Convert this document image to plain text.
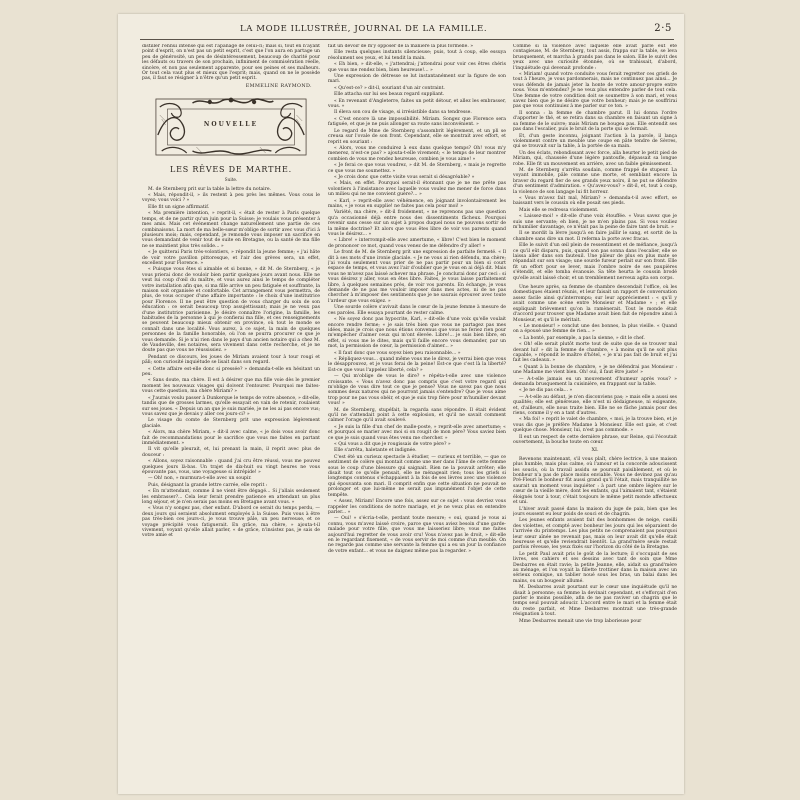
LA MODE ILLUSTRÉE, JOURNAL DE LA FAMILLE.	2·5

distiller l'ennui intense qui est l'apanage de celui-ci; mais si, tout en n'ayant point d'esprit, on n'est pas un petit esprit, c'est que l'on aura en partage un peu de générosité, un peu de désintéressement, beaucoup de charité pour les défauts ou travers de son prochain, infiniment de commisération réelle, sincère, et non pas seulement apparente, pour ses peines et ses malheurs. Or tout cela vaut plus et mieux que l'esprit; mais, quand on ne le possède pas, il faut se résigner à n'être qu'un petit esprit.

EMMELINE RAYMOND.
NOUVELLE
LES RÊVES DE MARTHE.
Suite.

M. de Sternberg prit sur la table la lettre du notaire.

« Mais, répondit-il, » ils restent à peu près les mêmes. Vous cous le voyez; vous voici ? »

Elle fit un signe affirmatif.

« Ma première intention, » reprit-il, « était de rester à Paris quelque temps, et de ne partir qu'un juin pour la Suisse; je voulais vous présenter à mes amis. Mais cet événement change naturellement une partie de ces combinaisons. La mort de ma belle-sœur m'oblige de sortir avec vous d'ici à plusieurs mois; mais, cependant, je remonde vous imposer un sacrifice en vous demandant de venir tout de suite en Bretagne, ou la santé de ma fille ne se maintient plus très solide... »

« Je quitterai Paris très-volontiers, » répondit la jeune femme; « j'ai hâte de voir votre pavillon pittoresque, et l'air des grèves sera, un effet, excellent pour Florence. »

« Puisque vous êtes si aimable et si bonne, » dit M. de Sternberg, « je vous prierai donc de vouloir bien partir quelques jours avant nous. Elle ne veut lui coup d'œil du maître, et vous aurez ainsi le temps de compléter votre installation afin que, si ma fille arrive un peu fatiguée et souffrante, la maison soit organisée et confortable. Cet arrangement vous permettra, de plus, de vous occuper d'une affaire importante : le choix d'une institutrice pour Florence. Il ne peut être question de vous charger du soin de son éducation : ce serait beaucoup trop assujettissant; mais je ne veux pas d'une institutrice parisienne. Je désire connaître l'origine, la famille, les habitudes de la personne à qui je confierai ma fille, et ces renseignements se peuvent beaucoup mieux obtenir en province, où tout le monde se connaît dans une localité. Vous aurez, à ce sujet, la main de quelques personnes de la famille honorable, où l'on se pourra procurer ce que je vous demande. Si je n'ai rien dans le pays d'un ancien notaire qui a chez M. de Vaudeville, des notaires, sera vivement dans cette recherche, et je ne doute pas que vous ne réussissiez. »

Pendant ce discours, les joues de Miriam avaient tour à tour rougi et pâli; son curiosité inquiétude se lisait dans son regard.

« Cette affaire est-elle donc si pressée? » demanda-t-elle en hésitant un peu.

« Sans doute, ma chère. Il est à désirer que ma fille voie dès le premier moment les nouveaux visages qui doivent l'entourer. Pourquoi me faites-vous cette question, ma chère Miriam? »

« J'aurais voulu passer à Dunkerque le temps de votre absence, » dit-elle, tandis que de grosses larmes, qu'elle essayait en vain de retenir, roulaient sur ses joues. « Depuis un an que je suis mariée, je ne les ai pas encore vus; vous savez que je devais y aller ces jours-ci? »

Le visage du comte de Sternberg prit une expression légèrement glaciale.

« Alors, ma chère Miriam, » dit-il avec calme, « je dois vous avoir donc fait de recommandations pour le sacrifice que vous me faites en partant immédiatement. »

Il vit qu'elle pleurait, et, lui prenant la main, il reprit avec plus de douceur :

« Allons, soyez raisonnable : quand j'ai cru être réussi, vous me pouvez quelques jours là-bas. Un trajet de dix-huit ou vingt heures ne vous épouvante pas, vous, une voyageuse si intrépide! »

— Oh! non, » murmura-t-elle avec un soupir.

Puis, désignant la grande lettre carrée, elle reprit :

« En m'attendant, comme il ne vient être dégagé... Si j'allais seulement les embrasser?... Cela leur ferait prendre patience en attendant un plus long séjour, et je n'en serais pas moins en Bretagne avant vous. »

« Vous n'y songez pas, cher enfant. D'abord ce serait du temps perdu, — deux jours qui seraient absolument employés à la Suisse. Puis vous à être pas très-bien ces jours-ci, je vous trouve pâle, un peu nerveuse, et ce voyage précipité vous fatiguerait. En grâce, ma chère, » ajouta-t-il vivement, voyant qu'elle allait parler, « de grâce, n'insistez pas, je sais de votre amie et

fait un devoir de m'y opposer de la manière la plus formelle. »

Elle resta quelques instants silencieuse; puis, tout à coup, elle essuya résolument ses yeux, et lui tendit la main.

« Eh bien, » dit-elle, « j'attendrai; j'attendrai pour voir ces êtres chéris que vous me rendez bien, bien heureuse!... »

Une expression de détresse se lut instantanément sur la figure de son mari.

« Qu'est-ce? » dit-il, souriant d'un air contraint.

Elle attacha sur lui ses beaux regard suppliant.

« En revenant d'Angleterre, faites un petit détour, et allez les embrasser, vous. »

Il éleva son cou de visage, si irrésistible dans sa tendresse.

« C'est encore là une impossibilité. Miriam. Songez que Florence sera fatiguée, et que je ne puis allonger sa route sans inconvénient. »

Le regard de Mme de Sternberg s'assombrit légèrement, et un pli se creusa sur l'ovale de son front. Cependant, elle se montrait avec effort, et reprit en souriant :

« Alors, vous me conduirez à eux dans quelque temps? Oh! vous m'y menerez, n'est-ce pas? » ajouta-t-elle vivement; « le temps de leur montrer combien de vous me rendez heureuse, combien je vous aime! »

« Je ferai ce que vous voudrez, » dit M. de Sternberg, « mais je regrette ce que vous me soumettez. »

« Je crois donc que cette visite vous serait si désagréable? »

« Mais, en effet. Pourquoi serait-il étonnant que je ne me prête pas volontiers à l'insistance avec laquelle vous voulez me mener de force dans un milieu qui ne me convient guère?... »

« Karl, » reprit-elle avec véhémence, en joignant involontairement les mains, « je vous en supplie! ne faites pas cela pour moi! »

Variété, ma chère, » dit-il froidement, « ne reprenons pas une question qu'a occasionné déjà entre nous des dissentiments fâcheux. Pourquoi revenir sans cesse sur un sujet à propos duquel nous ne pouvons sortir de la même doctrine? Et alors que vous êtes libre de voir vos parents quand vous le désirez... »

« Libre! » interrompit-elle avec amertume, « libre! C'est bien le moment de prononcer ce mot, quand vous venez de me défendre d'y aller! »

Le front de M. de Sternberg prit une expression de parfaite fermeté. « Il dit à ses mots d'une ironie glaciale. « Je ne vous ai rien défendu, ma chère; j'ai voulu seulement vous prier de ne pas partir pour un bien si court espace de temps, et vous avez l'air d'oublier que je vous en ai déjà dit. Mais vous ne m'avez pas laissé achever ma phrase. Je conclurai donc par ceci : si vous désirez y aller, vous en êtes libre. Faites, je vous laisse parfaitement libre, à quelques semaines près, de voir vos parents. En échange, je vous demande de ne pas me vouloir imposer dans mes actes, ni de ne pas chercher à m'imposer des sentiments que je ne saurais éprouver avec toute l'ardeur que vous exigez. »

Une sourde colère s'avivait dans le cœur de la jeune femme à mesure de ces paroles. Elle essaya pourtant de rester calme.

« Ne soyez donc pas hypocrite, Karl, » dit-elle d'une voix qu'elle voulait encore rendre ferme; « je sais très bien que vous ne partagez pas mes idées, mais je crois que nous étions convenus que vous ne feriez rien pour m'empêcher d'aimer ceux qui m'ont élevée. Libre!... je suis bien libre, en effet, si vous me le dites, mais qu'il faille encore vous demander, par un mot, la permission de cœur, la permission d'aimer... »

« Il faut donc que vous soyez bien peu raisonnable... »

« Répliquez-vous... quand même vous me le direz, je verrai bien que vous le désapprouvez, et je vous ferai de la peine! Est-ce que c'est là la liberté? Est-ce que vous l'appelez liberté, cela? »

— Qui m'oblige de vous le dire? » répéta-t-elle avec une violence croissante. « Vous n'avez donc pas compris que c'est votre regard qui m'oblige de vous dire tout ce que je pense? Vous ne savez pas que nous sommes deux natures qui ne pourront jamais s'entendre? Que je vous aime trop pour ne pas vous obéir, et que je suis trop fière pour m'humilier devant vous! »

M. de Sternberg, stupéfait, la regarda sans répondre. Il était évident qu'il ne s'attendait point à cette explosion, et qu'il ne savait comment calmer l'orage qu'il avait soulevé.

« Je suis la fille d'un chef de malle-poste, » reprit-elle avec amertume; « et pourquoi se marier avec moi si on rougit de mon père? Vous saviez bien ce que je suis quand vous êtes venu me chercher. »

« Qui vous a dit que je rougissais de votre père? »

Elle s'arrêta, haletante et indignée.

C'est été un curieux spectacle à étudier, — curieux et terrible, — que ce sentiment de colère qui montait comme une mer dans l'âme de cette femme sous le coup d'une blessure qui saignait. Rien ne la pouvait arrêter; elle disait tout ce qu'elle pensait, elle ne ménageait rien; tous les griefs si longtemps contenus s'échappaient à la fois de ses lèvres avec une violence qui épouvanta son mari. Il comprit enfin que cette situation ne pouvait se prolonger et que lui-même ne serait pas impunément l'objet de cette tempête.

« Assez, Miriam! Encore une fois, assez sur ce sujet : vous devriez vous rappeler les conditions de notre mariage, et je ne veux plus en entendre parler... »

— Oui! » s'écria-t-elle, perdant toute mesure; « oui, quand je vous ai connu, vous m'avez laissé croire, parce que vous aviez besoin d'une garde-malade pour votre fille, que vous me laisseriez libre; vous me faites aujourd'hui regretter de vous avoir cru! Vous n'avez pas le droit, » dit-elle en le regardant fixement, « de vous servir de moi comme d'un meuble. On ne regarde pas comme une servante la femme qui a eu un jour la confiance de votre enfant... et vous ne daignez même pas la regarder. »

Comme si la violence avec laquelle elle avait parlé eût été contagieuse, M. de Sternberg, tout assis, frappa sur la table, se leva brusquement, et marcha à grands pas dans le salon. Elle le suivit des yeux avec une curiosité étonnée, où se trahissait, d'abord, l'inquiétude qui devenait profonde :

« Miriam! quand votre conduite vous ferait regretter ces griefs de tout à l'heure, je vous pardonnerais, mais ne continuez pas ainsi... Je vous défends de jamais jeter la honte de votre amour-propre entre nous. Vous m'entendez? Je ne veux plus entendre parler de tout cela. Une femme de votre condition doit se soumettre à son mari, et vous savez bien que je ne désire que votre bonheur; mais je ne souffrirai pas que vous continuiez à me parler sur ce ton. »

Il sonna : la femme de chambre parut. Il lui donna l'ordre d'apporter le thé, et se retira dans sa chambre en faisant un signe à sa femme de le suivre; mais Miriam ne bougea pas. Elle entendit ses pas dans l'escalier, puis le bruit de la porte qui se fermait.

Et, d'un geste inconnu, joignant l'action à la parole, il lança violemment contre un meuble une coupe en pâte tendre de Sèvres, qui se trouvait sur la table, à la portée de sa main.

Un des éclats, rebondissant avec force, alla heurter le petit pied de Miriam, qui, chaussée d'une légère pantoufle, dépassait sa longue robe. Elle fit un mouvement en arrière, avec un faible gémissement.

M. de Sternberg s'arrêta soudain, comme frappé de stupeur. La voyant immobile, pâle comme une morte, et semblant encore la braver du regard fier de ses grands yeux noirs, il ne put se défendre d'un sentiment d'admiration. « Qu'avez-vous? » dit-il, et, tout à coup, la violence de son langage lui fit horreur.

« Vous m'avez fait mal, Miriam? » demanda-t-il avec effort, se baissant vers le coussin où elle posait ses pieds.

Mais elle se redressa violemment.

« Laissez-moi! » dit-elle d'une voix étouffée. « Vous savez que je suis une servante; eh bien, je ne m'en plains pas. Si vous vouliez m'humilier davantage, ce n'était pas la peine de faire tant de bruit. »

Il se mordit la lèvre jusqu'à en faire jaillir le sang, et sortit de la chambre sans dire un mot. Il referma la porte avec fracas.

Elle le suivit d'un œil plein de ressentiment et de méfiance, jusqu'à ce qu'il eût disparu, puis, quand son pas sonna dans l'escalier, elle se laissa aller dans son fauteuil. Une pâleur de plus en plus mate se répandait sur son visage; une sourde fureur perlait sur son front. Elle fit un effort pour se lever, mais l'ombre noire de ses paupières s'étendit, et elle tomba évanouie. Sa tête heurta le coussin brodé qu'elle avait laissé choir, et un tremblement nerveux agita son corps.

Une heure après, sa femme de chambre descendait l'office, où les domestiques étaient réunis, et leur faisait un rapport de conversation assez facile ainsi qu'interrompu; sur leur appréciement : « qu'il y avait comme une scène entre Monsieur et Madame » ; et elle expliquait brièvement qu'on la ramènerait. Tout le monde était d'accord pour trouver que Madame avait bien fait de répondre ainsi à Monsieur, et qu'il le méritait.

« Le monsieur! » conclut une des bonnes, la plus vieille. « Quand on a épousé une femme de rien... »

« La bonté, par exemple, a pas la sienne, » dit le chef.

« Oh! elle serait plutôt morte tout de suite que de se trouver mal devant lui! » dit la femme de chambre, « à moins qu'il ne soit plus capable, » répondit le maître d'hôtel, « je n'ai pas fait de bruit et j'ai fait les cadeaux. »

« Quant à la bonne de chambre, » je ne défendrai pas Monsieur : une Madame me vient bien. Oh! oui, il faut être juste! »

— A-t-elle jamais eu un mouvement d'humeur après vous? » demanda brusquement la cuisinière, en frappant sur la table.

« Je ne dis pas cela... »

— A-t-elle au défaut, je n'en disconviens pas; » mais elle a aussi ses qualités; elle est généreuse, elle n'est ni dédaigneuse, ni exigeante, et, d'ailleurs, elle nous traite bien. Elle ne se fâche jamais pour des riens, comme il y en a tant d'autres.

« Ma foi! » reprit le valet de chambre, « moi, je la trouve bien, et je vous dis que je préfère Madame à Monsieur. Elle est gaie, et c'est quelque chose. Monsieur, lui, n'est pas commode. »

Il eut un respect de cette dernière phrase, sur Reine, qui l'écoutait ouvertement, la bouche toute en cœur.

XI.

Revenons maintenant, s'il vous plaît, chère lectrice, à une maison plus humble, mais plus calme, où l'amour et la concorde adoucissent les soucis, où la travail assidu se poursuit paisiblement, et où le bonheur n'a pas de place moins enviable. Vous ne devinez pas qu'au Pré-Fleuri le bonheur fût aussi grand qu'il l'était, mais tranquillité ne saurait un moment vous inquiéter : à part une ombre légère sur le cœur de la vieille mère, dont les enfants, qui l'aimaient tant, s'étaient éloignés tour à tour, c'était toujours le même petit monde affectueux et uni.

L'hiver avait passé dans la maison du juge de paix, bien que les jours eussent eu leur poids de souci et de chagrin.

Les jeunes enfants avaient fait des bonhommes de neige, cueilli des violettes, et compté avec bonheur les jours qui les séparaient de l'arrivée du printemps. Les plus petits ne comprenaient pas pourquoi leur sœur aînée ne revenait pas, mais on leur avait dit qu'elle était heureuse et qu'elle reviendrait bientôt. La grand'mère seule restait parfois rêveuse, les yeux fixés sur l'horizon du côté de la Bretagne.

Le petit Paul avait pris le goût de la lecture; il s'occupait de ses livres, ses cahiers et ses dessins avec tant de soin que Mme Desbarres en était ravie; la petite Jeanne, elle, aidait sa grand'mère au ménage, et l'on voyait la fillette trottiner dans la maison avec un sérieux comique, un tablier noué sous les bras, un balai dans les mains, ou un bougeoir allumé.

M. Desbarres avait pourtant sur le cœur une inquiétude qu'il ne disait à personne; sa femme la devinait cependant, et s'efforçait d'en parler le moins possible, afin de ne pas raviver un chagrin que le temps seul pouvait adoucir. L'accord entre le mari et la femme était du reste parfait, et Mme Desbarres montrait une très-grande résignation à tout.

Mme Desbarres menait une vie trop laborieuse pour
